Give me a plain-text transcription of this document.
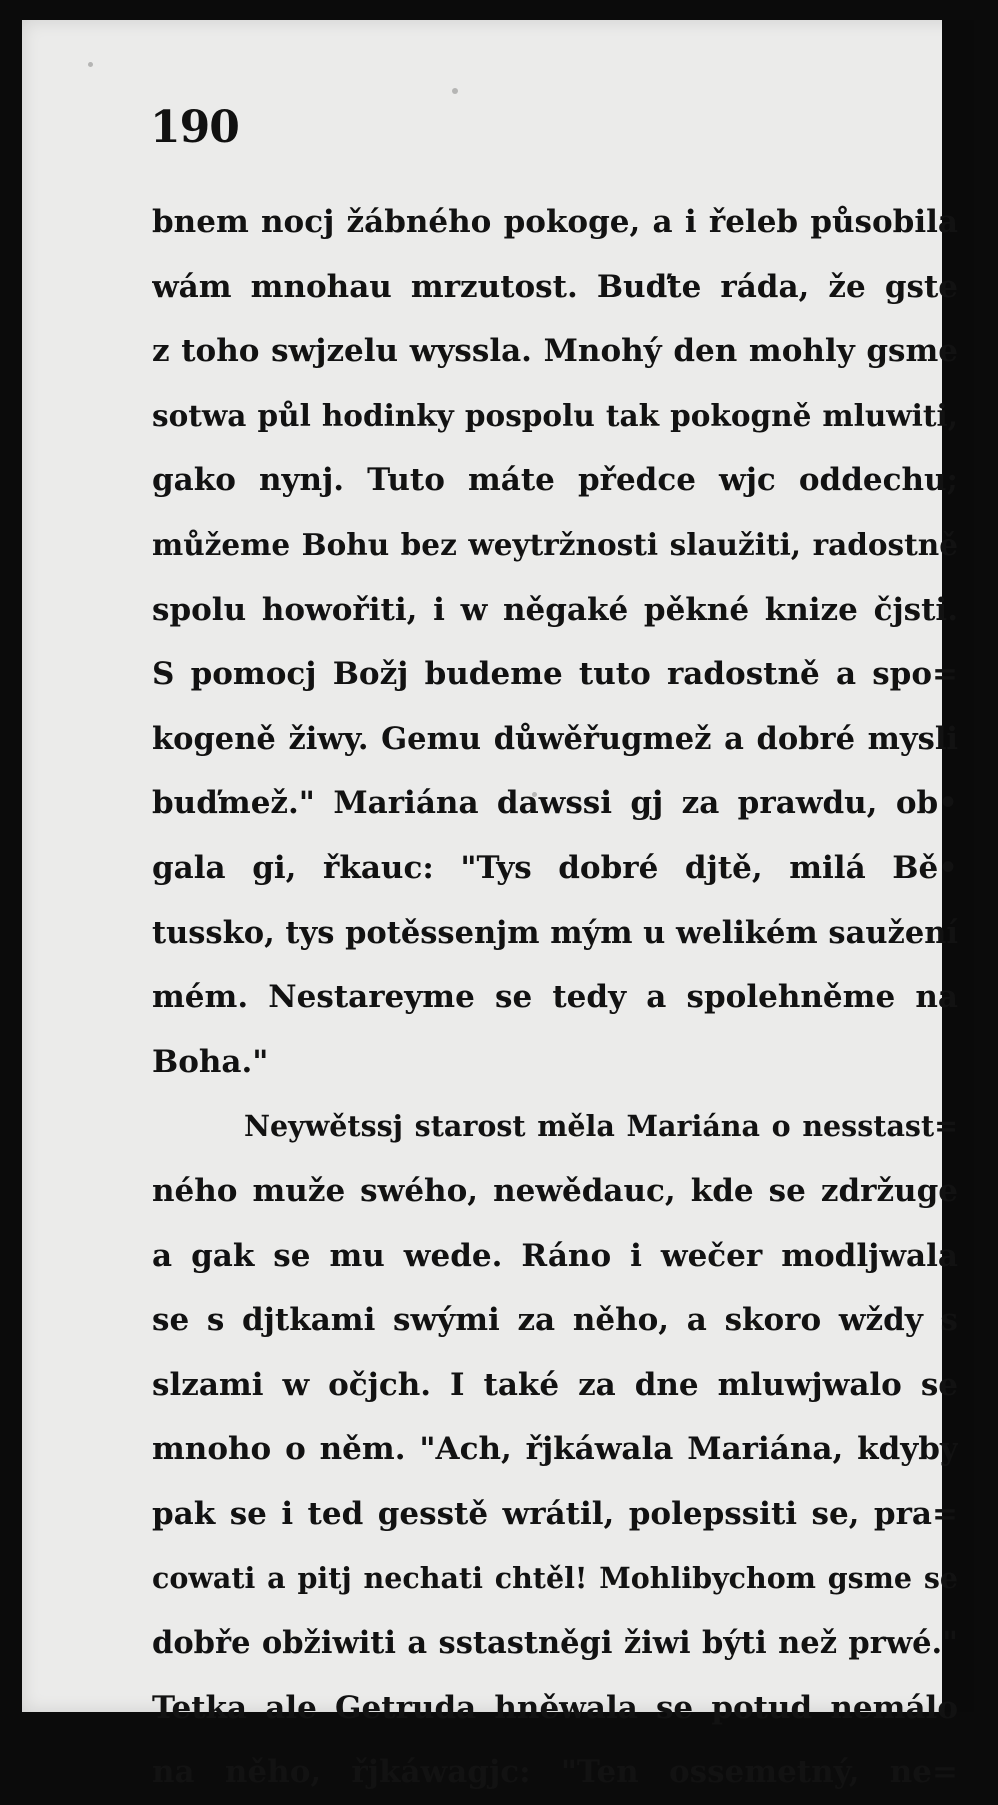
190
bnem nocj žábného pokoge, a i řeleb působila
wám mnohau mrzutost. Buďte ráda, že gste
z toho swjzelu wyssla. Mnohý den mohly gsme
sotwa půl hodinky pospolu tak pokogně mluwiti,
gako nynj. Tuto máte předce wjc oddechu;
můžeme Bohu bez weytržnosti slaužiti, radostně
spolu howořiti, i w něgaké pěkné knize čjsti.
S pomocj Božj budeme tuto radostně a spo=
kogeně žiwy. Gemu důwěřugmež a dobré mysli
buďmež." Mariána dawssi gj za prawdu, ob•
gala gi, řkauc: "Tys dobré djtě, milá Bě•
tussko, tys potěssenjm mým u welikém saužení
mém. Nestareyme se tedy a spolehněme na
Boha."
Neywětssj starost měla Mariána o nesstast=
ného muže swého, newědauc, kde se zdržuge
a gak se mu wede. Ráno i wečer modljwala
se s djtkami swými za něho, a skoro wždy s
slzami w očjch. I také za dne mluwjwalo se
mnoho o něm. "Ach, řjkáwala Mariána, kdyby
pak se i ted gesstě wrátil, polepssiti se, pra=
cowati a pitj nechati chtěl! Mohlibychom gsme se
dobře obžiwiti a sstastněgi žiwi býti než prwé."
Tetka ale Getruda hněwala se potud nemálo
na něho, řjkáwagjc: "Ten ossemetný, ne=
